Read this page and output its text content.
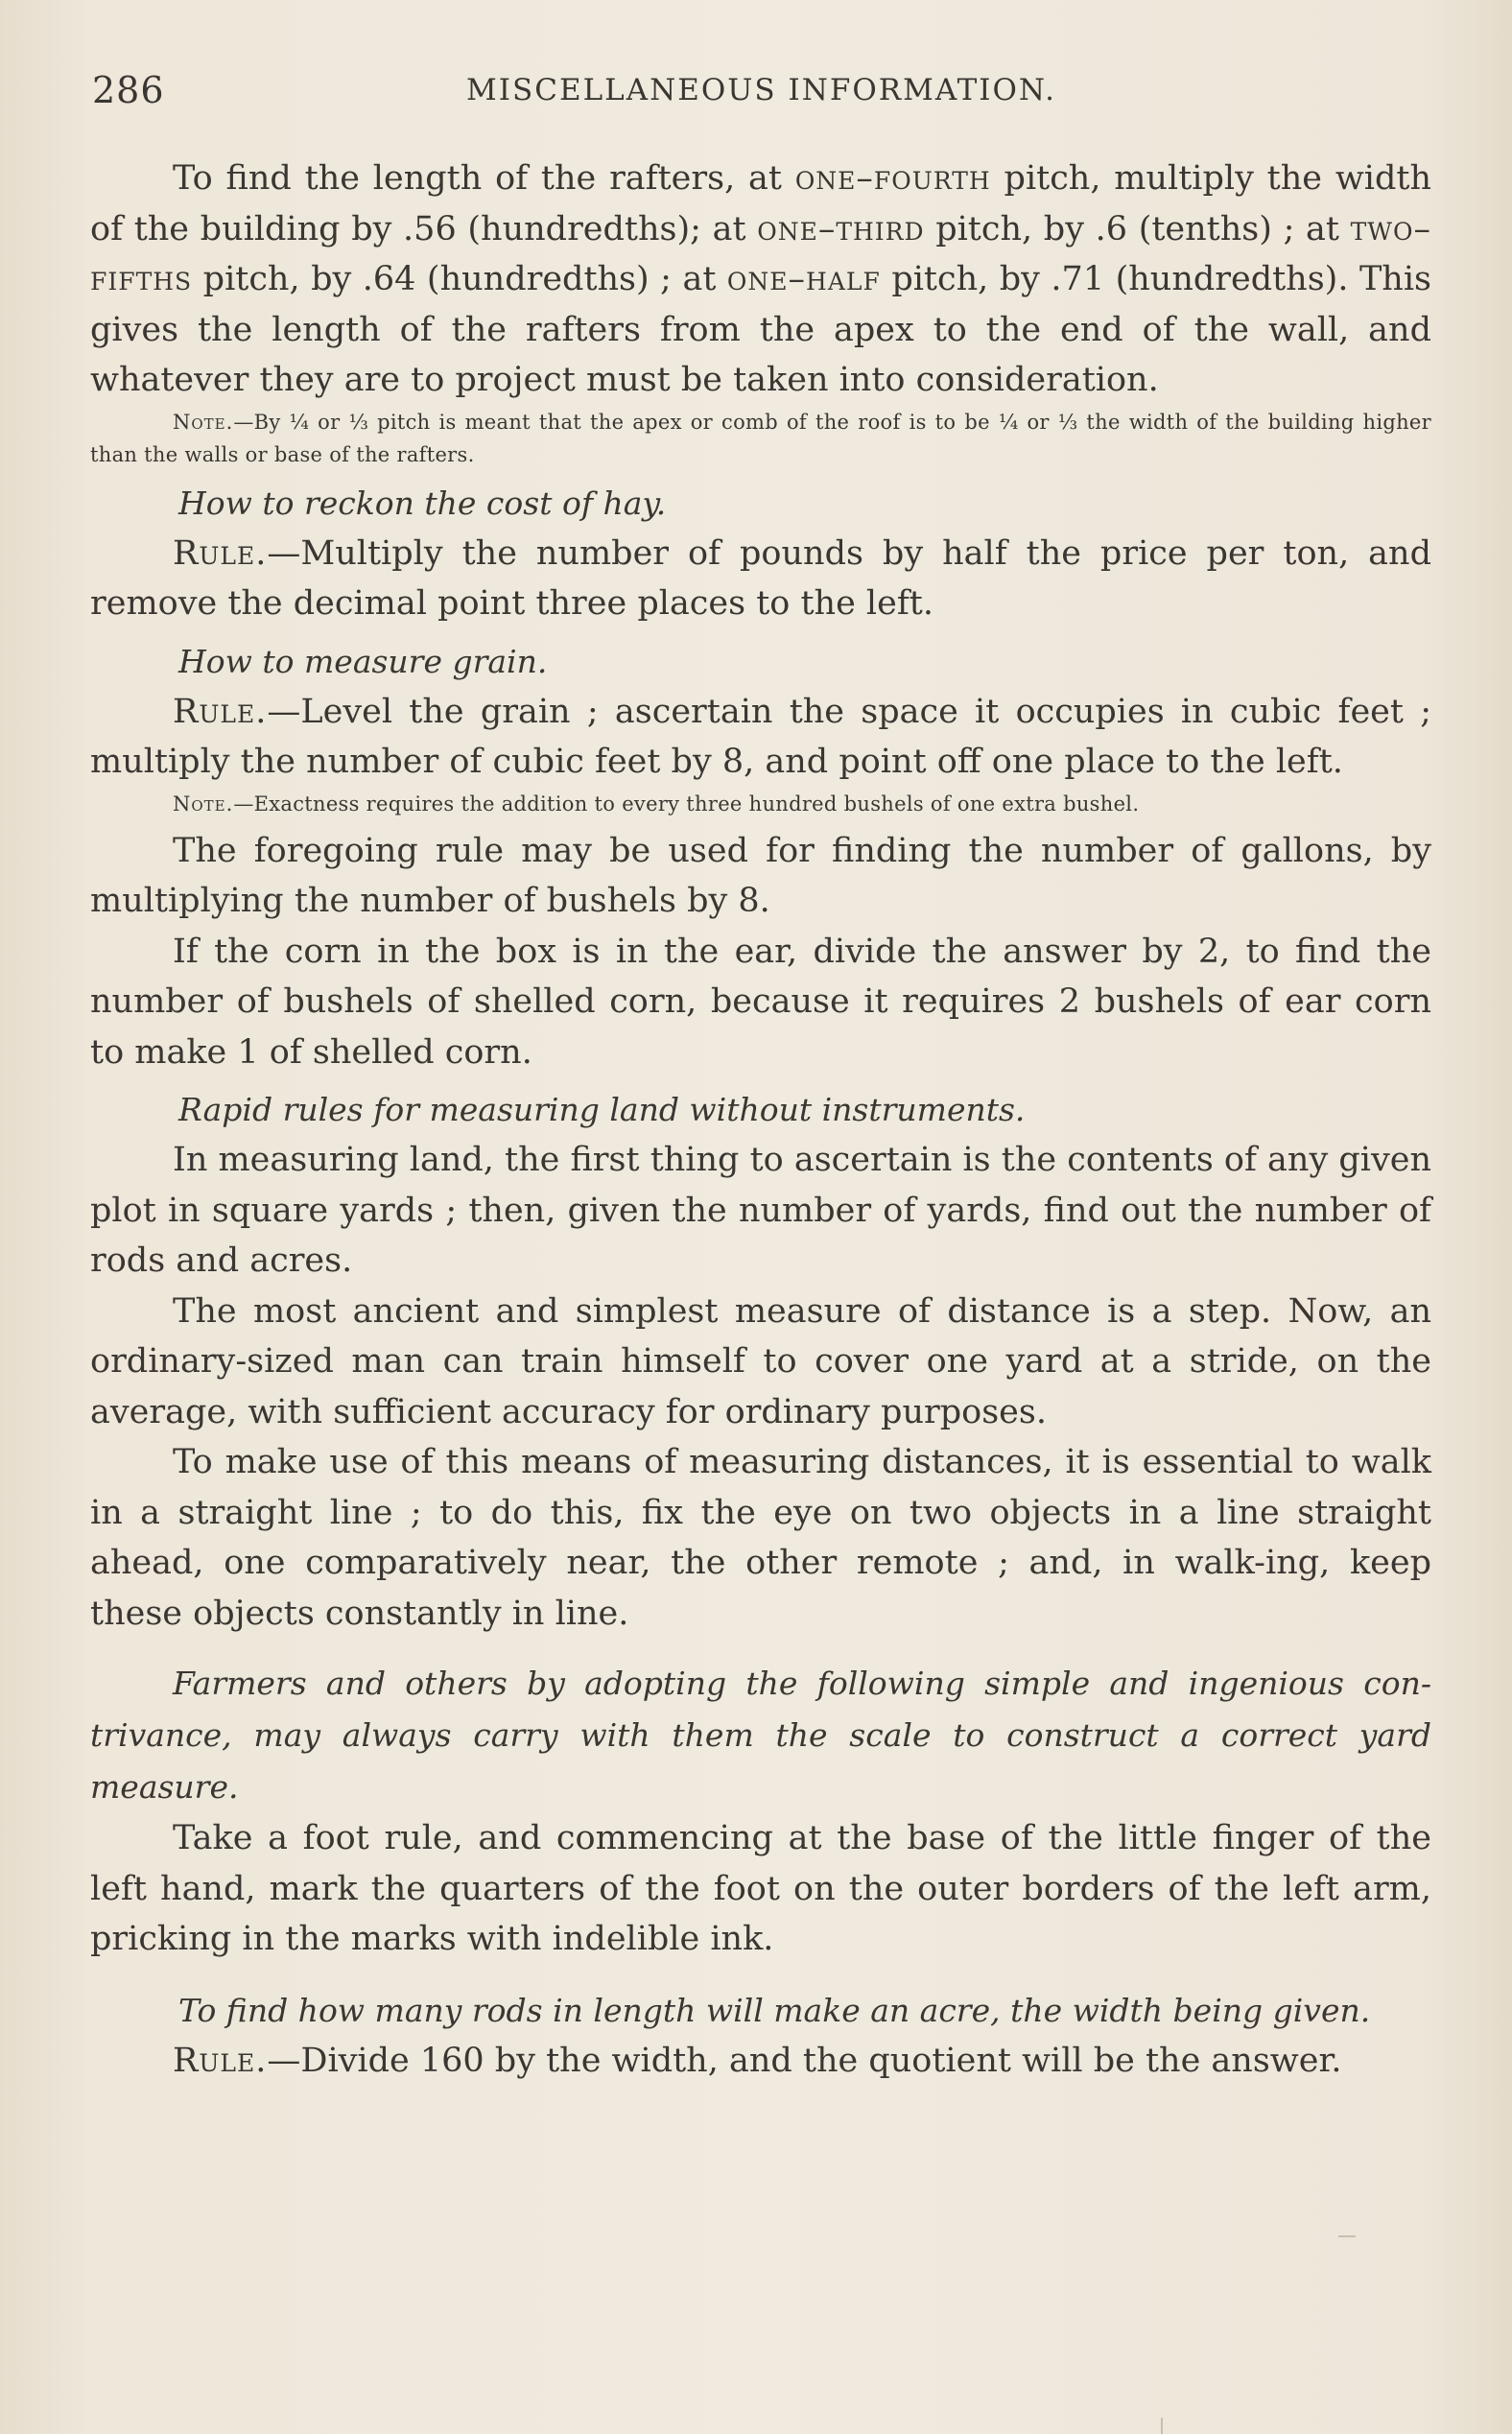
286	MISCELLANEOUS INFORMATION.

To find the length of the rafters, at one–fourth pitch, multiply the width of the building by .56 (hundredths); at one–third pitch, by .6 (tenths) ; at two–fifths pitch, by .64 (hundredths) ; at one–half pitch, by .71 (hundredths). This gives the length of the rafters from the apex to the end of the wall, and whatever they are to project must be taken into consideration.

Note.—By ¼ or ⅓ pitch is meant that the apex or comb of the roof is to be ¼ or ⅓ the width of the building higher than the walls or base of the rafters.

How to reckon the cost of hay.

Rule.—Multiply the number of pounds by half the price per ton, and remove the decimal point three places to the left.

How to measure grain.

Rule.—Level the grain ; ascertain the space it occupies in cubic feet ; multiply the number of cubic feet by 8, and point off one place to the left.

Note.—Exactness requires the addition to every three hundred bushels of one extra bushel.

The foregoing rule may be used for finding the number of gallons, by multiplying the number of bushels by 8.

If the corn in the box is in the ear, divide the answer by 2, to find the number of bushels of shelled corn, because it requires 2 bushels of ear corn to make 1 of shelled corn.

Rapid rules for measuring land without instruments.

In measuring land, the first thing to ascertain is the contents of any given plot in square yards ; then, given the number of yards, find out the number of rods and acres.

The most ancient and simplest measure of distance is a step. Now, an ordinary-sized man can train himself to cover one yard at a stride, on the average, with sufficient accuracy for ordinary purposes.

To make use of this means of measuring distances, it is essential to walk in a straight line ; to do this, fix the eye on two objects in a line straight ahead, one comparatively near, the other remote ; and, in walk-ing, keep these objects constantly in line.

Farmers and others by adopting the following simple and ingenious con-trivance, may always carry with them the scale to construct a correct yard measure.

Take a foot rule, and commencing at the base of the little finger of the left hand, mark the quarters of the foot on the outer borders of the left arm, pricking in the marks with indelible ink.

To find how many rods in length will make an acre, the width being given.

Rule.—Divide 160 by the width, and the quotient will be the answer.
